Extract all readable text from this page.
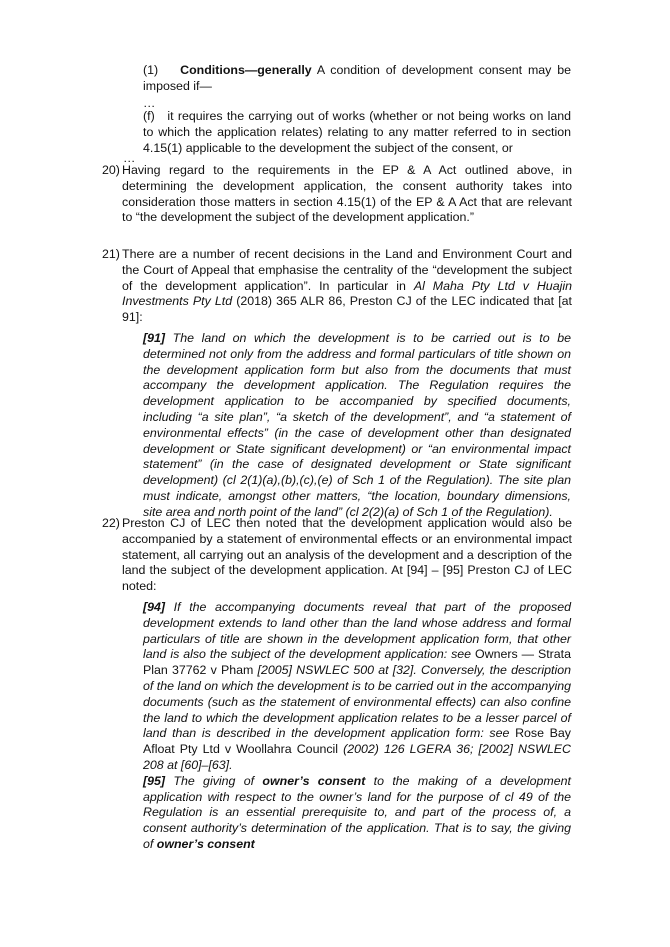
(1) Conditions—generally A condition of development consent may be imposed if—

…

(f) it requires the carrying out of works (whether or not being works on land to which the application relates) relating to any matter referred to in section 4.15(1) applicable to the development the subject of the consent, or

…

20) Having regard to the requirements in the EP & A Act outlined above, in determining the development application, the consent authority takes into consideration those matters in section 4.15(1) of the EP & A Act that are relevant to “the development the subject of the development application.”

21) There are a number of recent decisions in the Land and Environment Court and the Court of Appeal that emphasise the centrality of the “development the subject of the development application”. In particular in Al Maha Pty Ltd v Huajin Investments Pty Ltd (2018) 365 ALR 86, Preston CJ of the LEC indicated that [at 91]:

[91] The land on which the development is to be carried out is to be determined not only from the address and formal particulars of title shown on the development application form but also from the documents that must accompany the development application. The Regulation requires the development application to be accompanied by specified documents, including “a site plan”, “a sketch of the development”, and “a statement of environmental effects” (in the case of development other than designated development or State significant development) or “an environmental impact statement” (in the case of designated development or State significant development) (cl 2(1)(a),(b),(c),(e) of Sch 1 of the Regulation). The site plan must indicate, amongst other matters, “the location, boundary dimensions, site area and north point of the land” (cl 2(2)(a) of Sch 1 of the Regulation).

22) Preston CJ of LEC then noted that the development application would also be accompanied by a statement of environmental effects or an environmental impact statement, all carrying out an analysis of the development and a description of the land the subject of the development application. At [94] – [95] Preston CJ of LEC noted:

[94] If the accompanying documents reveal that part of the proposed development extends to land other than the land whose address and formal particulars of title are shown in the development application form, that other land is also the subject of the development application: see Owners — Strata Plan 37762 v Pham [2005] NSWLEC 500 at [32]. Conversely, the description of the land on which the development is to be carried out in the accompanying documents (such as the statement of environmental effects) can also confine the land to which the development application relates to be a lesser parcel of land than is described in the development application form: see Rose Bay Afloat Pty Ltd v Woollahra Council (2002) 126 LGERA 36; [2002] NSWLEC 208 at [60]–[63].

[95] The giving of owner’s consent to the making of a development application with respect to the owner’s land for the purpose of cl 49 of the Regulation is an essential prerequisite to, and part of the process of, a consent authority’s determination of the application. That is to say, the giving of owner’s consent
